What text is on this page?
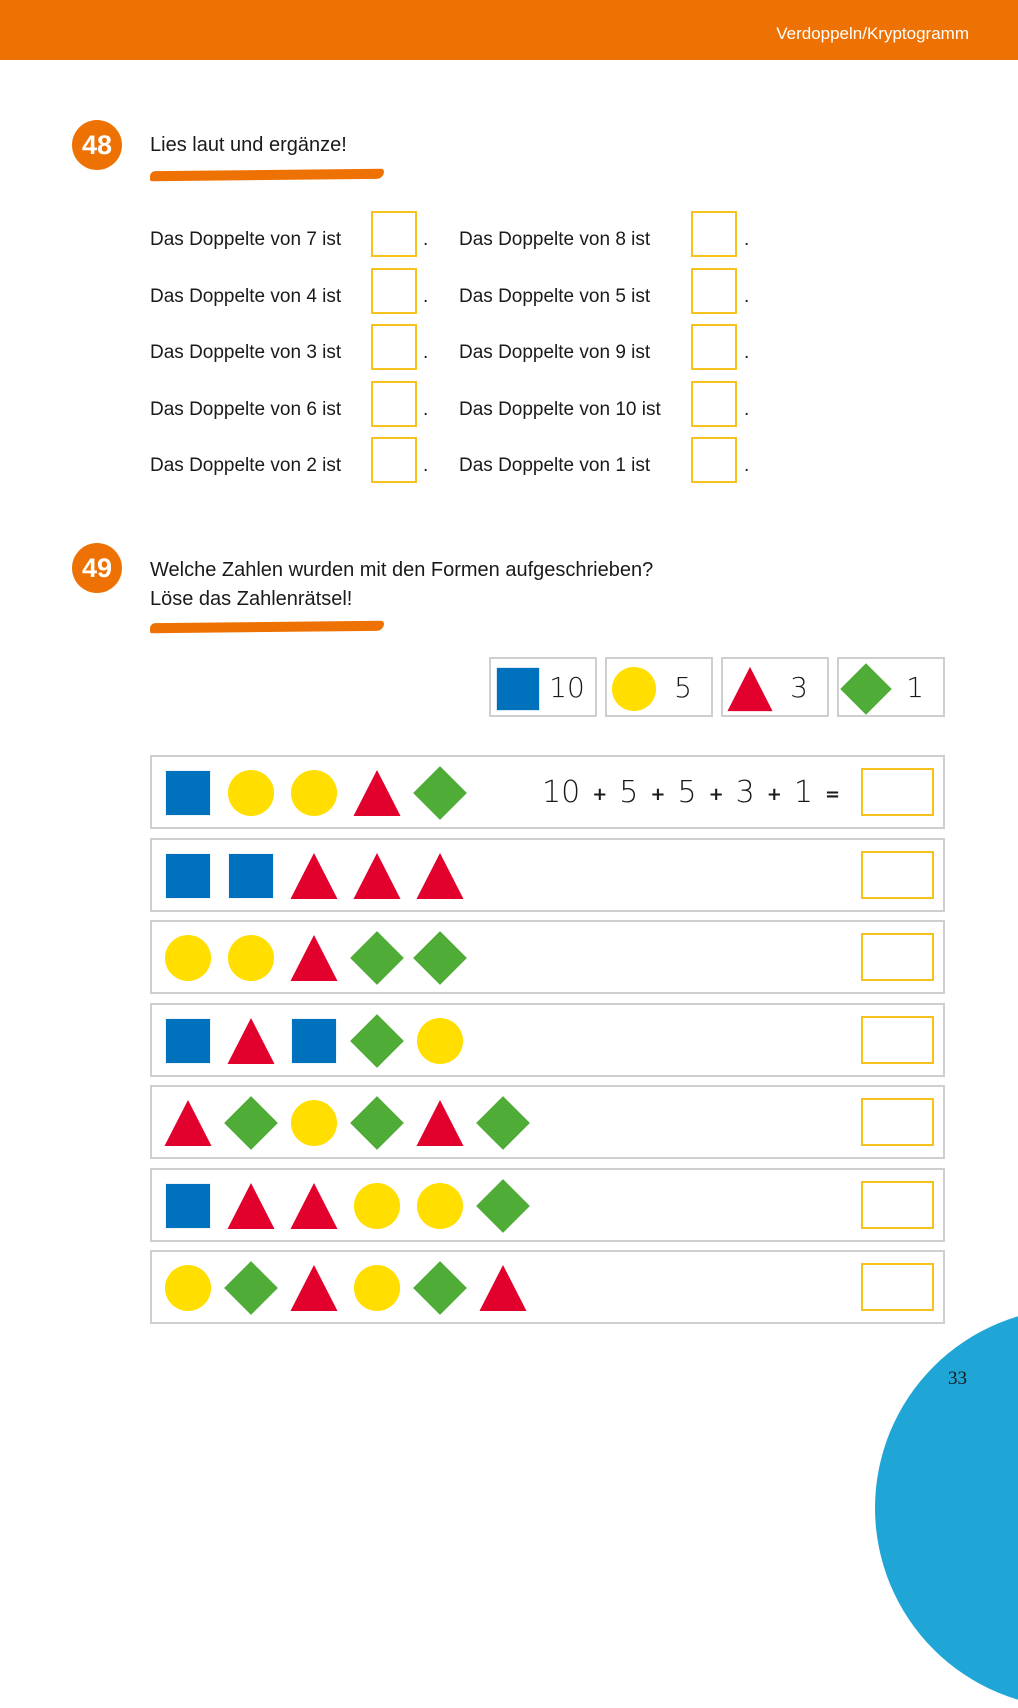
Verdoppeln/Kryptogramm
48	Lies laut und ergänze!
Das Doppelte von 7 ist	. Das Doppelte von 8 ist	.
Das Doppelte von 4 ist	. Das Doppelte von 5 ist	.
Das Doppelte von 3 ist	. Das Doppelte von 9 ist	.
Das Doppelte von 6 ist	. Das Doppelte von 10 ist	.
Das Doppelte von 2 ist	. Das Doppelte von 1 ist	.
49	Welche Zahlen wurden mit den Formen aufgeschrieben?
Löse das Zahlenrätsel!
10	5	3	1
10 + 5 + 5 + 3 + 1 =
33
